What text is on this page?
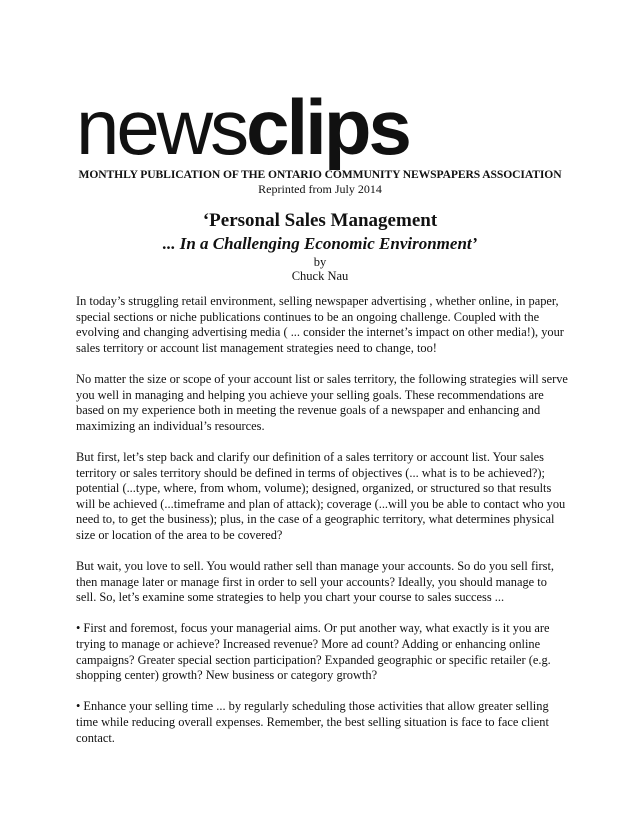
newsclips
MONTHLY PUBLICATION OF THE ONTARIO COMMUNITY NEWSPAPERS ASSOCIATION
Reprinted from July 2014
‘Personal Sales Management
... In a Challenging Economic Environment’
by
Chuck Nau

In today’s struggling retail environment, selling newspaper advertising , whether online, in paper, special sections or niche publications continues to be an ongoing challenge. Coupled with the evolving and changing advertising media ( ... consider the internet’s impact on other media!), your sales territory or account list management strategies need to change, too!

No matter the size or scope of your account list or sales territory, the following strategies will serve you well in managing and helping you achieve your selling goals. These recommendations are based on my experience both in meeting the revenue goals of a newspaper and enhancing and maximizing an individual’s resources.

But first, let’s step back and clarify our definition of a sales territory or account list. Your sales territory or sales territory should be defined in terms of objectives (... what is to be achieved?); potential (...type, where, from whom, volume); designed, organized, or structured so that results will be achieved (...timeframe and plan of attack); coverage (...will you be able to contact who you need to, to get the business); plus, in the case of a geographic territory, what determines physical size or location of the area to be covered?

But wait, you love to sell. You would rather sell than manage your accounts. So do you sell first, then manage later or manage first in order to sell your accounts? Ideally, you should manage to sell. So, let’s examine some strategies to help you chart your course to sales success ...

• First and foremost, focus your managerial aims. Or put another way, what exactly is it you are trying to manage or achieve? Increased revenue? More ad count? Adding or enhancing online campaigns? Greater special section participation? Expanded geographic or specific retailer (e.g. shopping center) growth? New business or category growth?

• Enhance your selling time ... by regularly scheduling those activities that allow greater selling time while reducing overall expenses. Remember, the best selling situation is face to face client contact.
